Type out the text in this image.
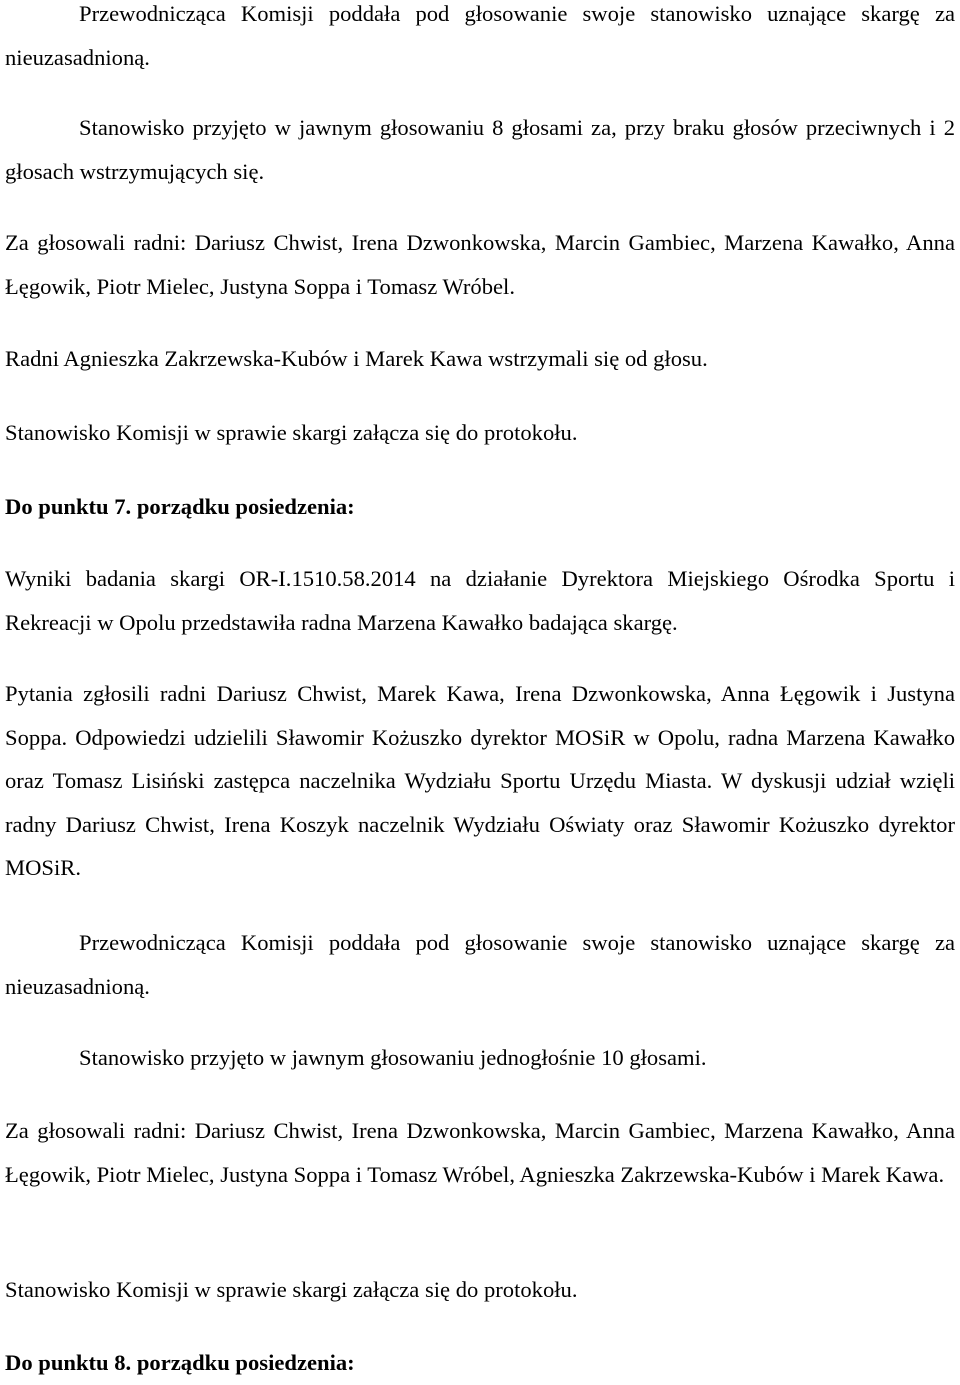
Przewodnicząca Komisji poddała pod głosowanie swoje stanowisko uznające skargę za nieuzasadnioną.

Stanowisko przyjęto w jawnym głosowaniu 8 głosami za, przy braku głosów przeciwnych i 2 głosach wstrzymujących się.

Za głosowali radni: Dariusz Chwist, Irena Dzwonkowska, Marcin Gambiec, Marzena Kawałko, Anna Łęgowik, Piotr Mielec, Justyna Soppa i Tomasz Wróbel.

Radni Agnieszka Zakrzewska-Kubów i Marek Kawa wstrzymali się od głosu.

Stanowisko Komisji w sprawie skargi załącza się do protokołu.

Do punktu 7. porządku posiedzenia:

Wyniki badania skargi OR-I.1510.58.2014 na działanie Dyrektora Miejskiego Ośrodka Sportu i Rekreacji w Opolu przedstawiła radna Marzena Kawałko badająca skargę.

Pytania zgłosili radni Dariusz Chwist, Marek Kawa, Irena Dzwonkowska, Anna Łęgowik i Justyna Soppa. Odpowiedzi udzielili Sławomir Kożuszko dyrektor MOSiR w Opolu, radna Marzena Kawałko oraz Tomasz Lisiński zastępca naczelnika Wydziału Sportu Urzędu Miasta. W dyskusji udział wzięli radny Dariusz Chwist, Irena Koszyk naczelnik Wydziału Oświaty oraz Sławomir Kożuszko dyrektor MOSiR.

Przewodnicząca Komisji poddała pod głosowanie swoje stanowisko uznające skargę za nieuzasadnioną.

Stanowisko przyjęto w jawnym głosowaniu jednogłośnie 10 głosami.

Za głosowali radni: Dariusz Chwist, Irena Dzwonkowska, Marcin Gambiec, Marzena Kawałko, Anna Łęgowik, Piotr Mielec, Justyna Soppa i Tomasz Wróbel, Agnieszka Zakrzewska-Kubów i Marek Kawa.

Stanowisko Komisji w sprawie skargi załącza się do protokołu.

Do punktu 8. porządku posiedzenia:
